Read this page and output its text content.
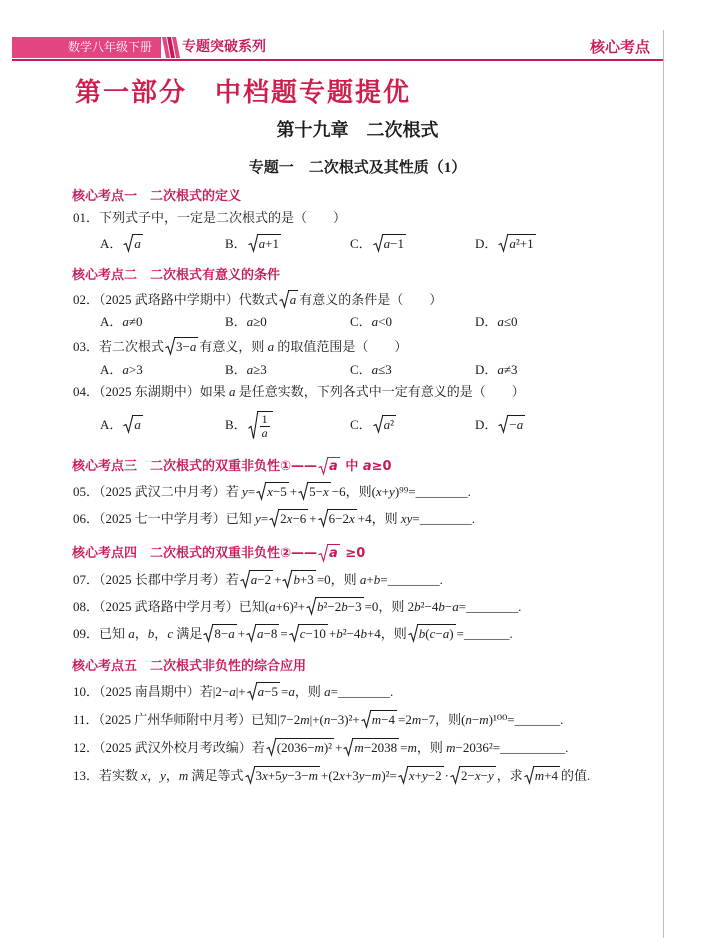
数学八年级下册 专题突破系列	核心考点
第一部分　中档题专题提优
第十九章　二次根式
专题一　二次根式及其性质（1）
核心考点一　二次根式的定义
01．下列式子中，一定是二次根式的是（　　）
A． a	B． a+1	C． a−1	D． a²+1
核心考点二　二次根式有意义的条件
02．（2025 武珞路中学期中）代数式 a 有意义的条件是（　　）
A．a≠0	B．a≥0	C．a<0	D．a≤0
03．若二次根式 3−a 有意义，则 a 的取值范围是（　　）
A．a>3	B．a≥3	C．a≤3	D．a≠3
04．（2025 东湖期中）如果 a 是任意实数，下列各式中一定有意义的是（　　）
A． a	B． $\frac{1}{a}$	C． a²	D． −a
核心考点三　二次根式的双重非负性①—— a 中 a≥0
05．（2025 武汉二中月考）若 y= x−5 + 5−x −6，则(x+y)⁹⁹=________.
06．（2025 七一中学月考）已知 y= 2x−6 + 6−2x +4，则 xy=________.
核心考点四　二次根式的双重非负性②—— a ≥0
07．（2025 长郡中学月考）若 a−2 + b+3 =0，则 a+b=________.
08．（2025 武珞路中学月考）已知(a+6)²+ b²−2b−3 =0，则 2b²−4b−a=________.
09．已知 a，b，c 满足 8−a + a−8 = c−10 +b²−4b+4，则 b(c−a) =_______.
核心考点五　二次根式非负性的综合应用
10．（2025 南昌期中）若|2−a|+ a−5 =a，则 a=________.
11．（2025 广州华师附中月考）已知|7−2m|+(n−3)²+ m−4 =2m−7，则(n−m)¹⁰⁰=_______.
12．（2025 武汉外校月考改编）若 (2036−m)² + m−2038 =m，则 m−2036²=__________.
13．若实数 x，y，m 满足等式 3x+5y−3−m +(2x+3y−m)²= x+y−2 · 2−x−y ，求 m+4 的值.
